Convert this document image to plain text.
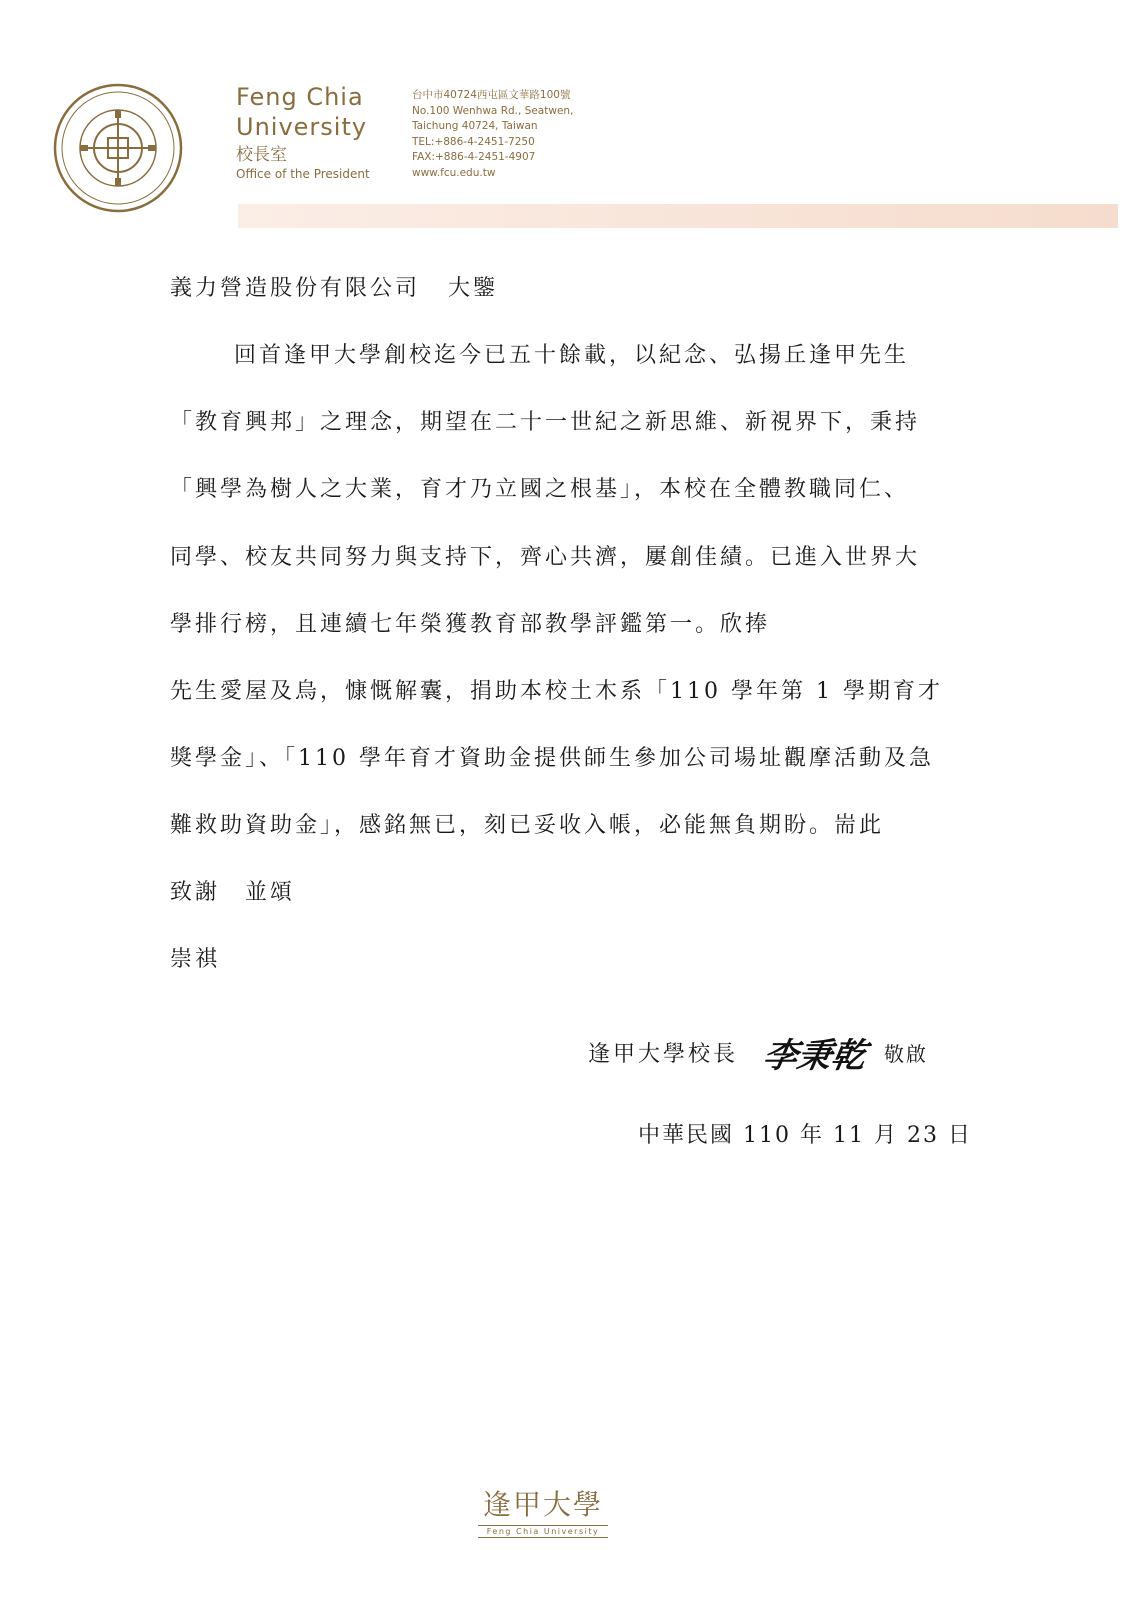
Feng Chia
University
校長室
Office of the President
台中市40724西屯區文華路100號
No.100 Wenhwa Rd., Seatwen,
Taichung 40724, Taiwan
TEL:+886-4-2451-7250
FAX:+886-4-2451-4907
www.fcu.edu.tw
義力營造股份有限公司 大鑒
回首逢甲大學創校迄今已五十餘載，以紀念、弘揚丘逢甲先生
「教育興邦」之理念，期望在二十一世紀之新思維、新視界下，秉持
「興學為樹人之大業，育才乃立國之根基」，本校在全體教職同仁、
同學、校友共同努力與支持下，齊心共濟，屢創佳績。已進入世界大
學排行榜，且連續七年榮獲教育部教學評鑑第一。欣捧
先生愛屋及烏，慷慨解囊，捐助本校土木系「110 學年第 1 學期育才
獎學金」、「110 學年育才資助金提供師生參加公司場址觀摩活動及急
難救助資助金」，感銘無已，刻已妥收入帳，必能無負期盼。耑此
致謝　並頌
崇祺
逢甲大學校長 李秉乾 敬啟
中華民國 110 年 11 月 23 日
逢甲大學
Feng Chia University
